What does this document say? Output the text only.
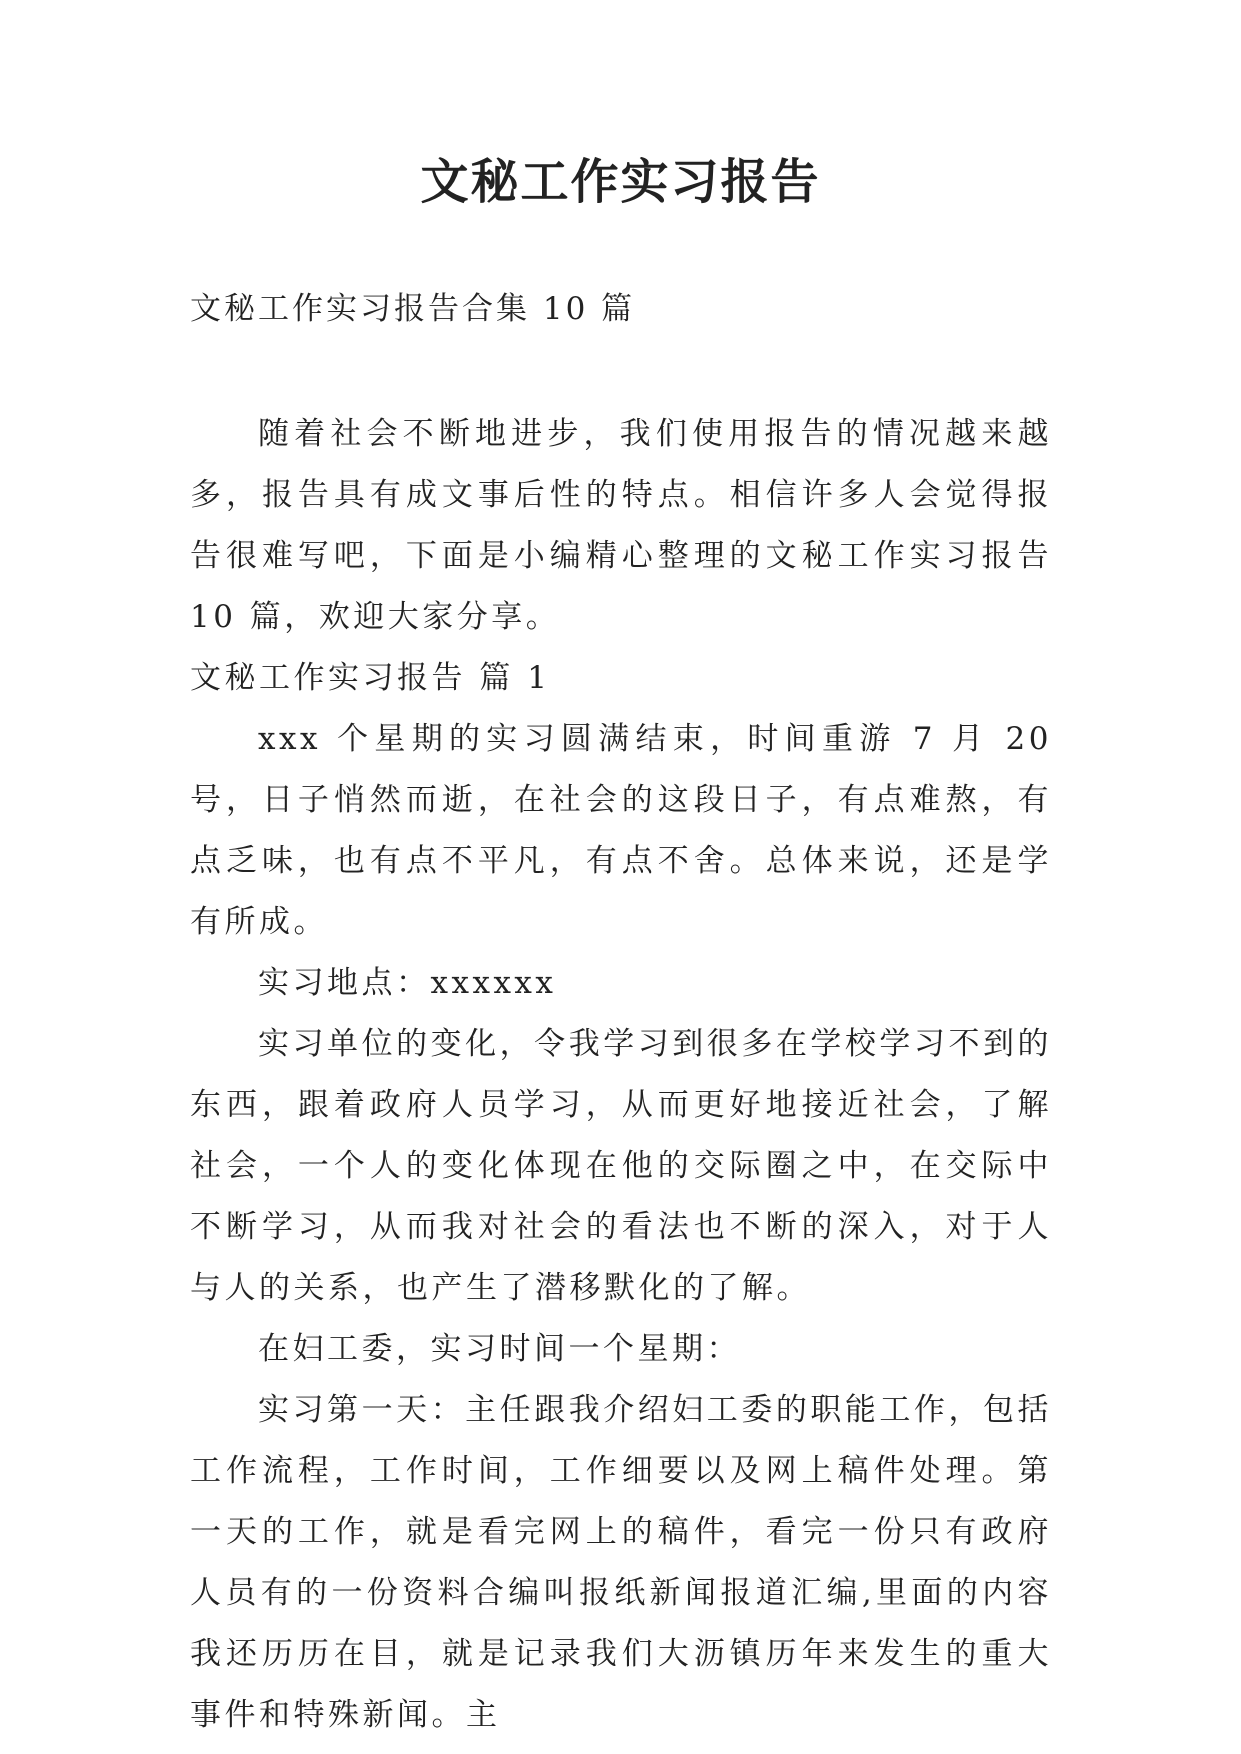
文秘工作实习报告
文秘工作实习报告合集 10 篇

随着社会不断地进步，我们使用报告的情况越来越多，报告具有成文事后性的特点。相信许多人会觉得报告很难写吧，下面是小编精心整理的文秘工作实习报告 10 篇，欢迎大家分享。

文秘工作实习报告 篇 1

xxx 个星期的实习圆满结束，时间重游 7 月 20 号，日子悄然而逝，在社会的这段日子，有点难熬，有点乏味，也有点不平凡，有点不舍。总体来说，还是学有所成。

实习地点：xxxxxx

实习单位的变化，令我学习到很多在学校学习不到的东西，跟着政府人员学习，从而更好地接近社会，了解社会，一个人的变化体现在他的交际圈之中，在交际中不断学习，从而我对社会的看法也不断的深入，对于人与人的关系，也产生了潜移默化的了解。

在妇工委，实习时间一个星期：

实习第一天：主任跟我介绍妇工委的职能工作，包括工作流程，工作时间，工作细要以及网上稿件处理。第一天的工作，就是看完网上的稿件，看完一份只有政府人员有的一份资料合编叫报纸新闻报道汇编,里面的内容我还历历在目，就是记录我们大沥镇历年来发生的重大事件和特殊新闻。主
